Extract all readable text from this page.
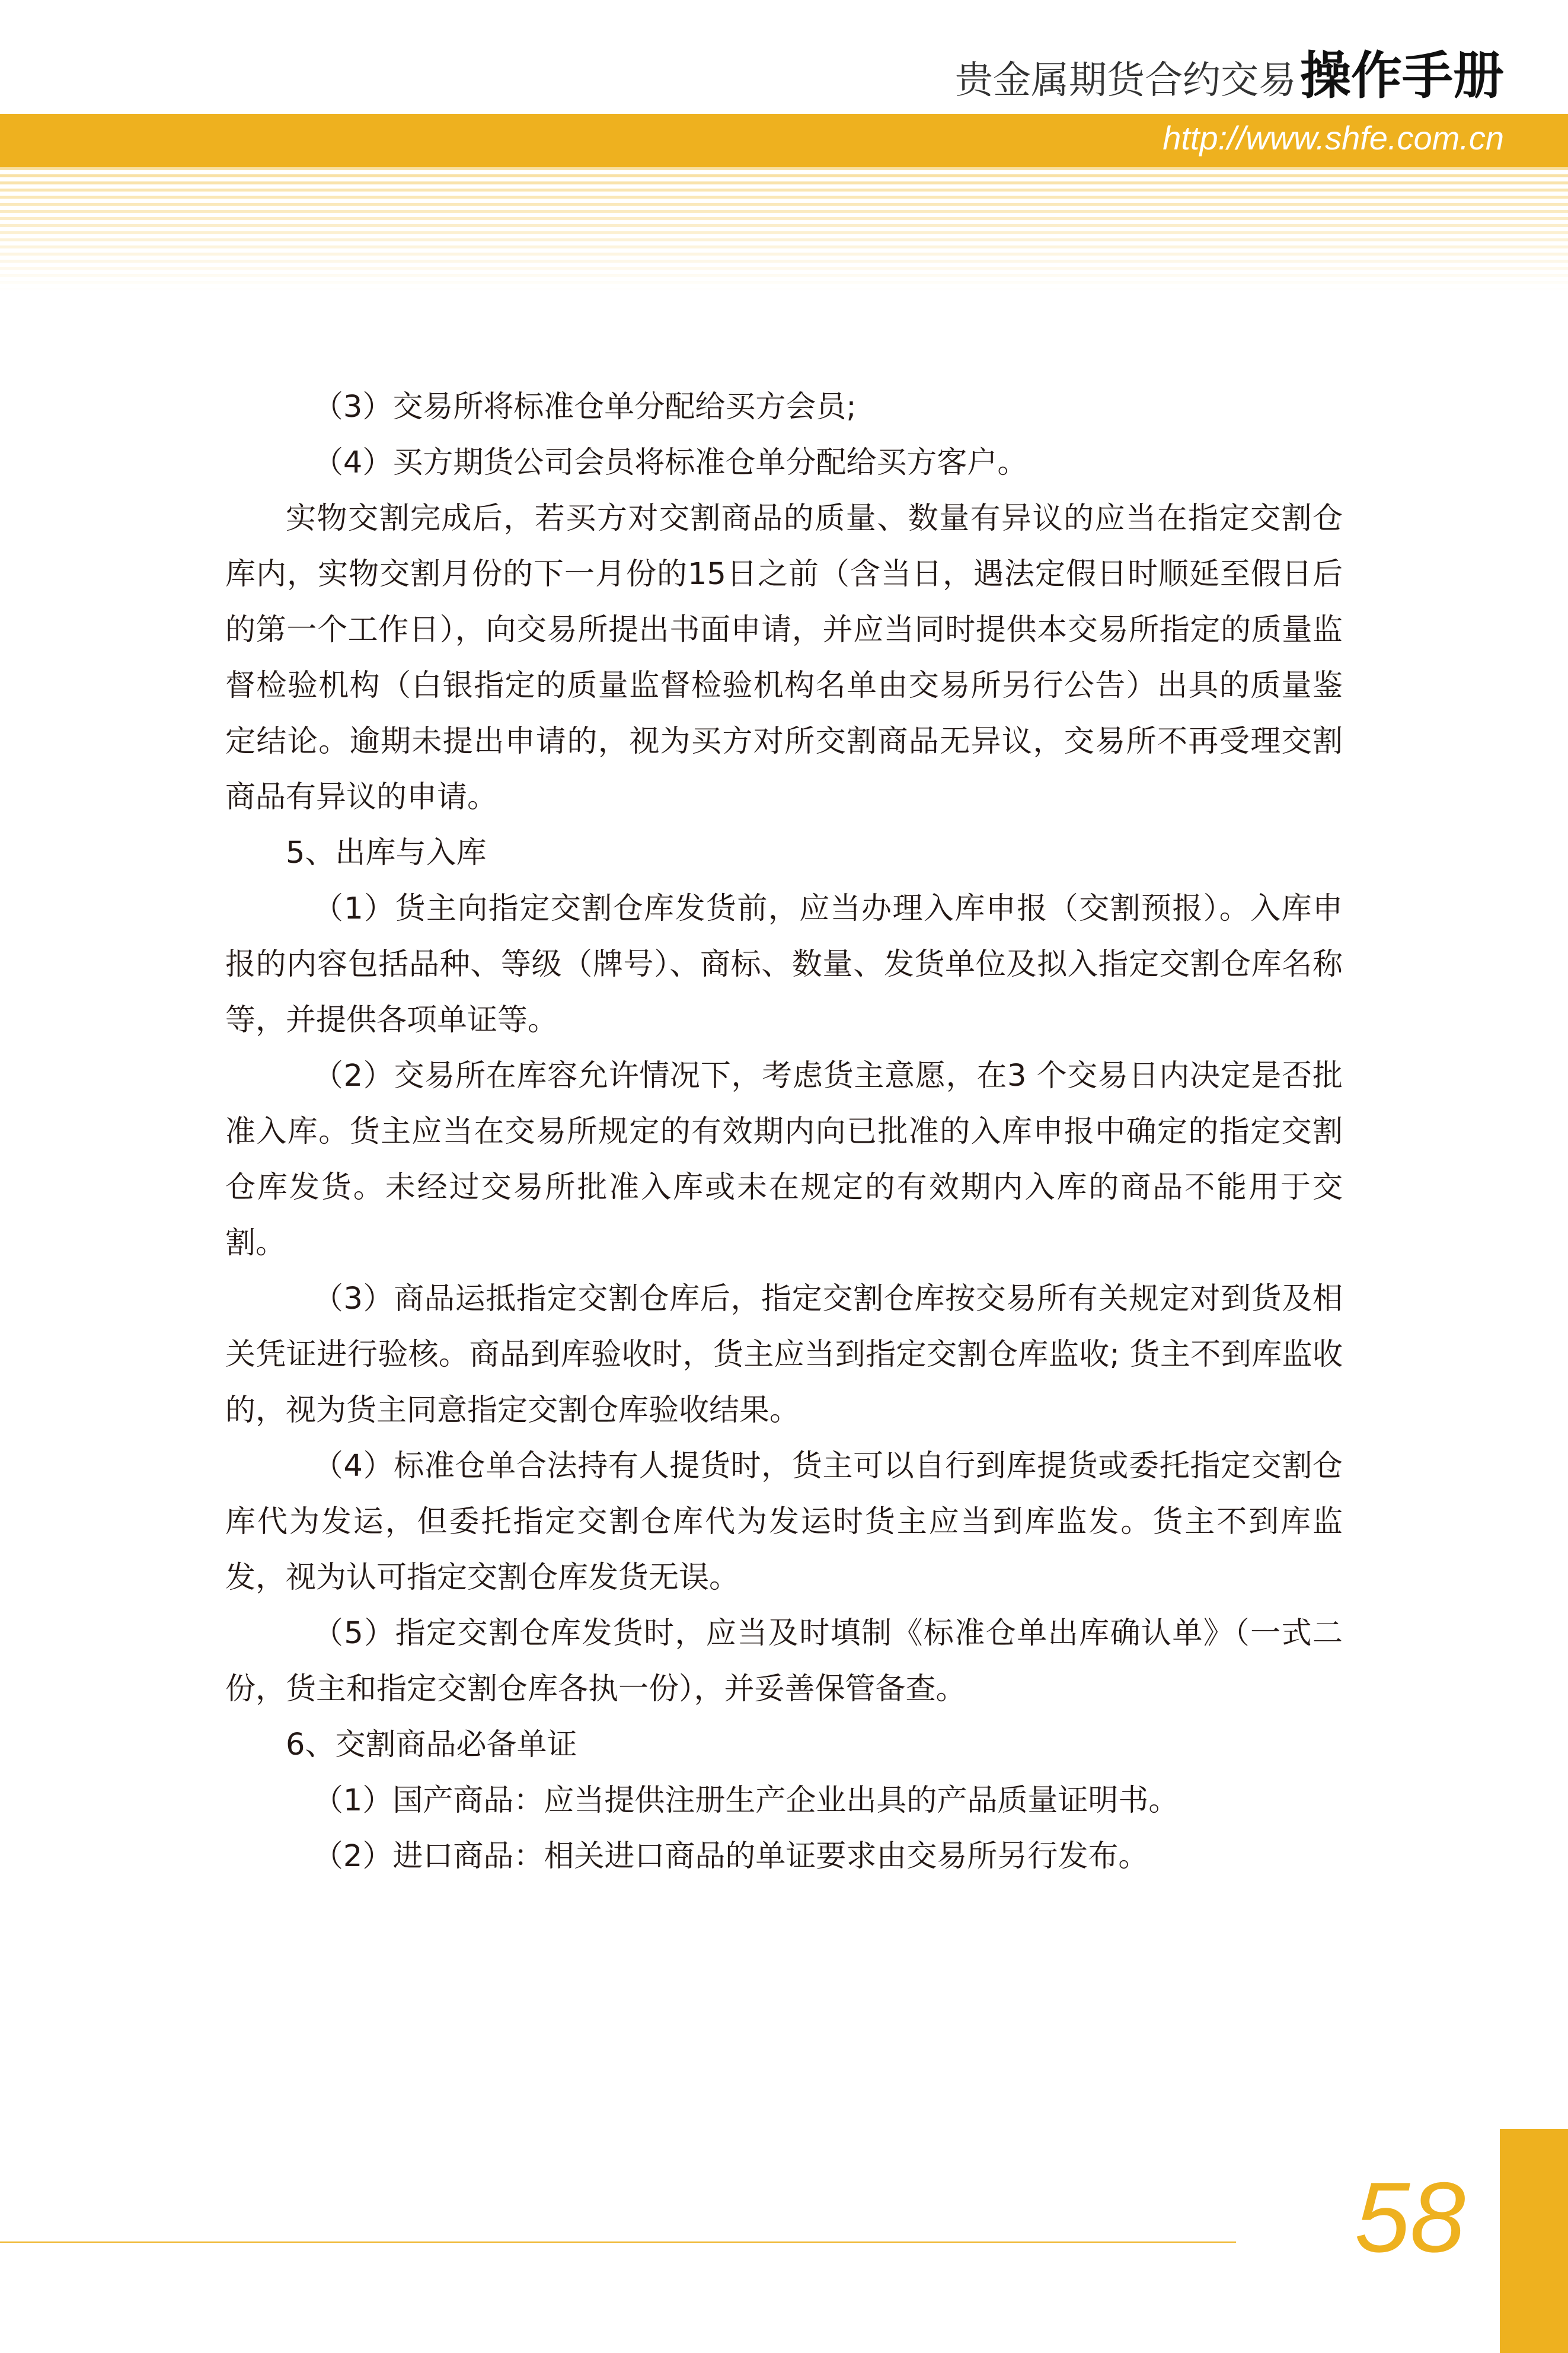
贵金属期货合约交易 操作手册
http://www.shfe.com.cn

（3）交易所将标准仓单分配给买方会员;

（4）买方期货公司会员将标准仓单分配给买方客户。

实物交割完成后，若买方对交割商品的质量、数量有异议的应当在指定交割仓库内，实物交割月份的下一月份的15日之前（含当日，遇法定假日时顺延至假日后的第一个工作日），向交易所提出书面申请，并应当同时提供本交易所指定的质量监督检验机构（白银指定的质量监督检验机构名单由交易所另行公告）出具的质量鉴定结论。逾期未提出申请的，视为买方对所交割商品无异议，交易所不再受理交割商品有异议的申请。

5、出库与入库

（1）货主向指定交割仓库发货前，应当办理入库申报（交割预报）。入库申报的内容包括品种、等级（牌号）、商标、数量、发货单位及拟入指定交割仓库名称等，并提供各项单证等。

（2）交易所在库容允许情况下，考虑货主意愿，在3 个交易日内决定是否批准入库。货主应当在交易所规定的有效期内向已批准的入库申报中确定的指定交割仓库发货。未经过交易所批准入库或未在规定的有效期内入库的商品不能用于交割。

（3）商品运抵指定交割仓库后，指定交割仓库按交易所有关规定对到货及相关凭证进行验核。商品到库验收时，货主应当到指定交割仓库监收; 货主不到库监收的，视为货主同意指定交割仓库验收结果。

（4）标准仓单合法持有人提货时，货主可以自行到库提货或委托指定交割仓库代为发运，但委托指定交割仓库代为发运时货主应当到库监发。货主不到库监发，视为认可指定交割仓库发货无误。

（5）指定交割仓库发货时，应当及时填制《标准仓单出库确认单》（一式二份，货主和指定交割仓库各执一份），并妥善保管备查。

6、交割商品必备单证

（1）国产商品：应当提供注册生产企业出具的产品质量证明书。

（2）进口商品：相关进口商品的单证要求由交易所另行发布。

58
